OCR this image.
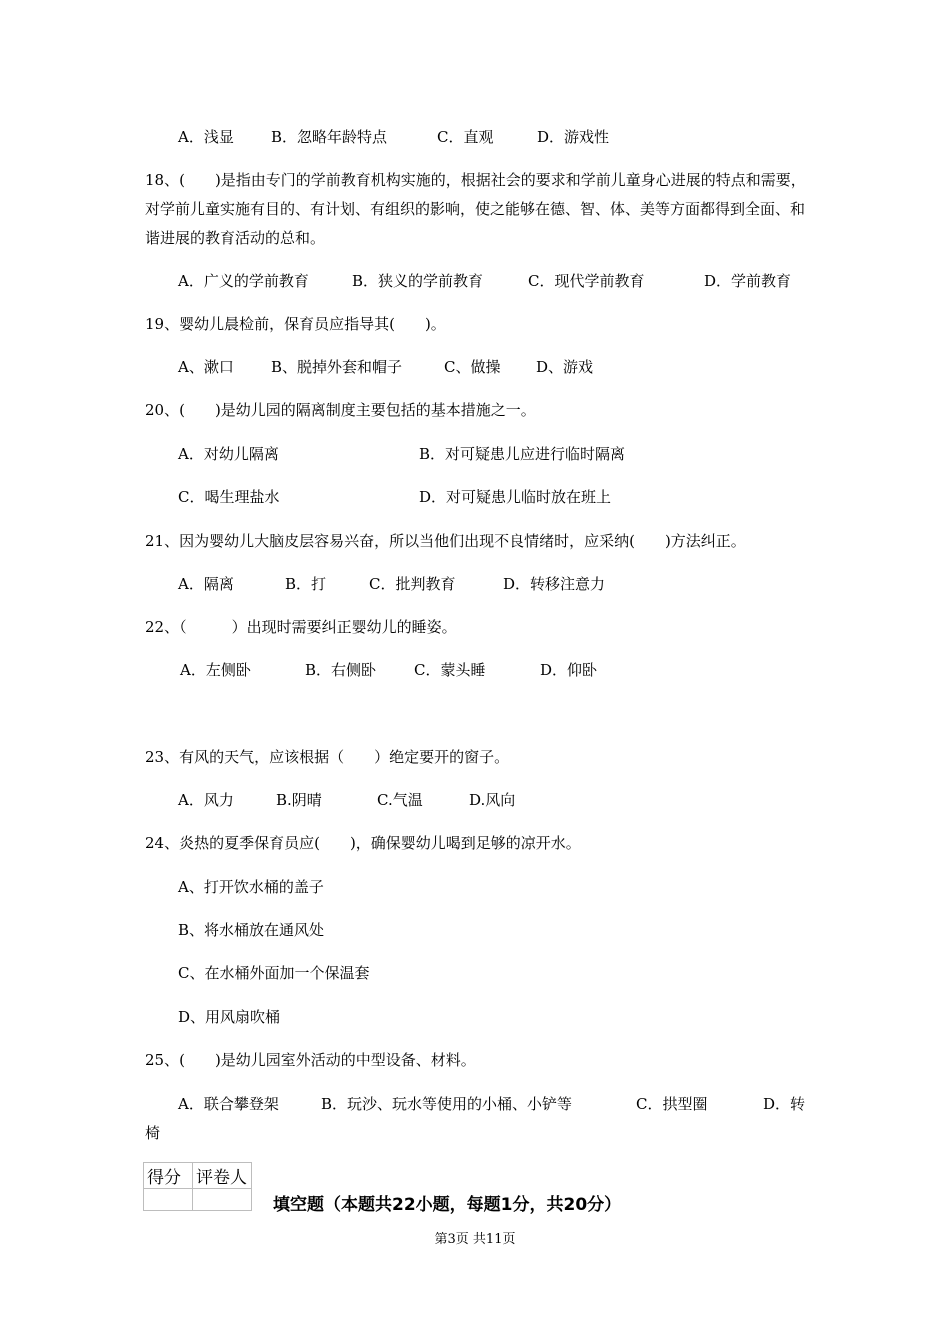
A．浅显 B．忽略年龄特点	C．直观	D．游戏性
18、(　　)是指由专门的学前教育机构实施的，根据社会的要求和学前儿童身心进展的特点和需要，对学前儿童实施有目的、有计划、有组织的影响，使之能够在德、智、体、美等方面都得到全面、和谐进展的教育活动的总和。
A．广义的学前教育	B．狭义的学前教育	C．现代学前教育	D．学前教育
19、婴幼儿晨检前，保育员应指导其(　　)。
A、漱口 B、脱掉外套和帽子	C、做操 D、游戏
20、(　　)是幼儿园的隔离制度主要包括的基本措施之一。
A．对幼儿隔离	B．对可疑患儿应进行临时隔离
C．喝生理盐水	D．对可疑患儿临时放在班上
21、因为婴幼儿大脑皮层容易兴奋，所以当他们出现不良情绪时，应采纳(　　)方法纠正。
A．隔离	B．打	C．批判教育	D．转移注意力
22、（　　　）出现时需要纠正婴幼儿的睡姿。
A．左侧卧	B．右侧卧	C．蒙头睡	D．仰卧
23、有风的天气，应该根据（　　）绝定要开的窗子。
A．风力	B.阴晴	C.气温	D.风向
24、炎热的夏季保育员应(　　)，确保婴幼儿喝到足够的凉开水。
A、打开饮水桶的盖子
B、将水桶放在通风处
C、在水桶外面加一个保温套
D、用风扇吹桶
25、(　　)是幼儿园室外活动的中型设备、材料。
A．联合攀登架	B．玩沙、玩水等使用的小桶、小铲等	C．拱型圈	D．转
椅
得分	评卷人

填空题（本题共22小题，每题1分，共20分）
第3页 共11页
